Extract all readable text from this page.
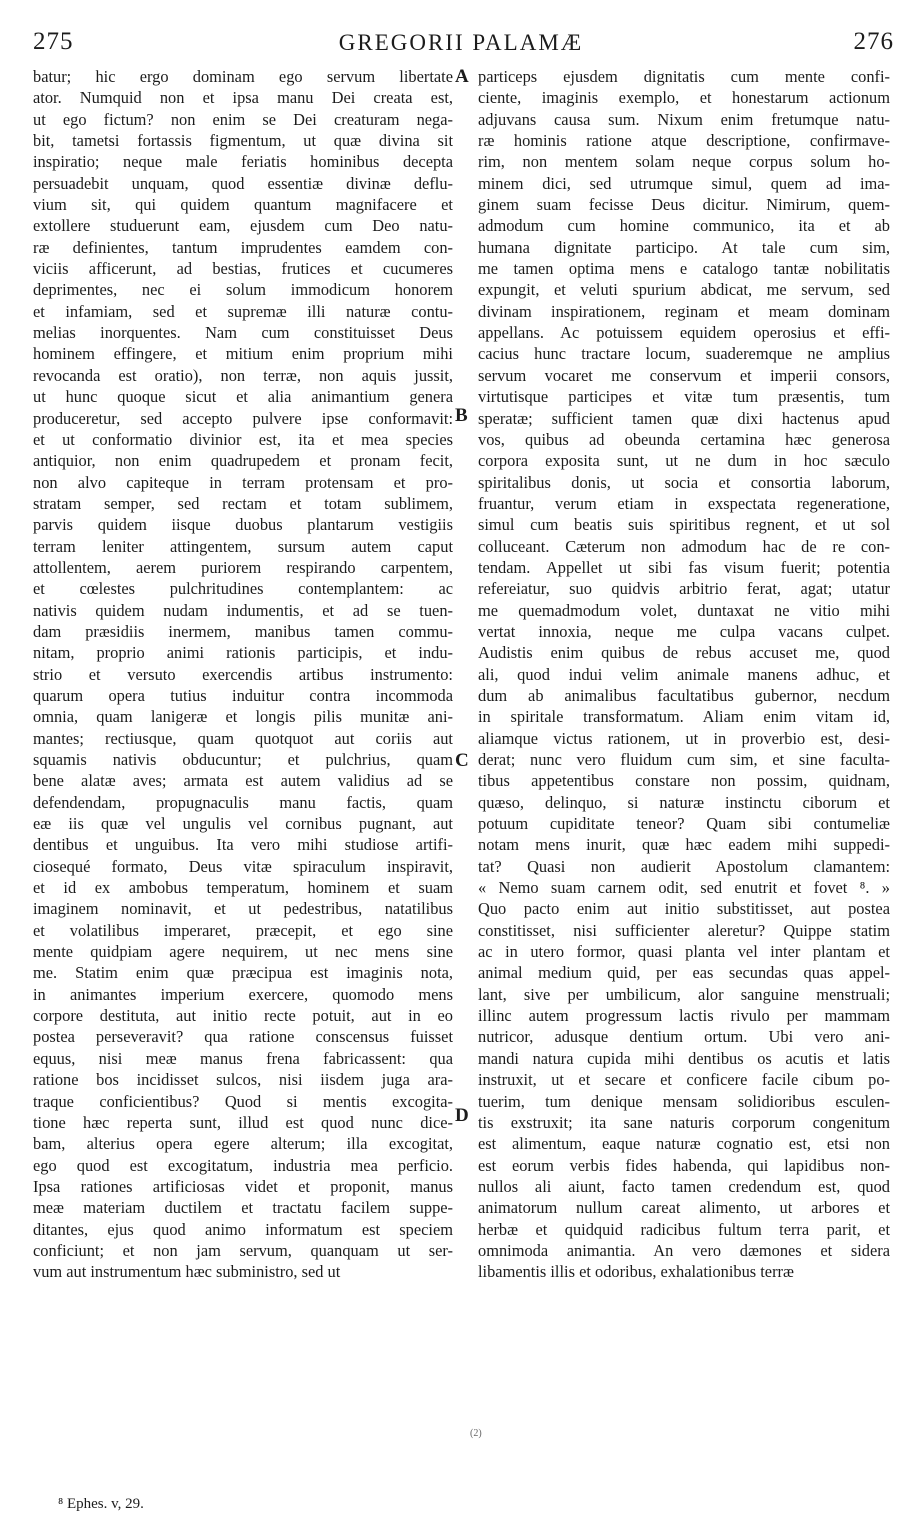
275	GREGORII PALAMÆ	276
batur; hic ergo dominam ego servum libertate
ator. Numquid non et ipsa manu Dei creata est,
ut ego fictum? non enim se Dei creaturam nega-
bit, tametsi fortassis figmentum, ut quæ divina sit
inspiratio; neque male feriatis hominibus decepta
persuadebit unquam, quod essentiæ divinæ deflu-
vium sit, qui quidem quantum magnifacere et
extollere studuerunt eam, ejusdem cum Deo natu-
ræ definientes, tantum imprudentes eamdem con-
viciis afficerunt, ad bestias, frutices et cucumeres
deprimentes, nec ei solum immodicum honorem
et infamiam, sed et supremæ illi naturæ contu-
melias inorquentes. Nam cum constituisset Deus
hominem effingere, et mitium enim proprium mihi
revocanda est oratio), non terræ, non aquis jussit,
ut hunc quoque sicut et alia animantium genera
produceretur, sed accepto pulvere ipse conformavit:
et ut conformatio divinior est, ita et mea species
antiquior, non enim quadrupedem et pronam fecit,
non alvo capiteque in terram protensam et pro-
stratam semper, sed rectam et totam sublimem,
parvis quidem iisque duobus plantarum vestigiis
terram leniter attingentem, sursum autem caput
attollentem, aerem puriorem respirando carpentem,
et cœlestes pulchritudines contemplantem: ac
nativis quidem nudam indumentis, et ad se tuen-
dam præsidiis inermem, manibus tamen commu-
nitam, proprio animi rationis participis, et indu-
strio et versuto exercendis artibus instrumento:
quarum opera tutius induitur contra incommoda
omnia, quam lanigeræ et longis pilis munitæ ani-
mantes; rectiusque, quam quotquot aut coriis aut
squamis nativis obducuntur; et pulchrius, quam
bene alatæ aves; armata est autem validius ad se
defendendam, propugnaculis manu factis, quam
eæ iis quæ vel ungulis vel cornibus pugnant, aut
dentibus et unguibus. Ita vero mihi studiose artifi-
ciosequé formato, Deus vitæ spiraculum inspiravit,
et id ex ambobus temperatum, hominem et suam
imaginem nominavit, et ut pedestribus, natatilibus
et volatilibus imperaret, præcepit, et ego sine
mente quidpiam agere nequirem, ut nec mens sine
me. Statim enim quæ præcipua est imaginis nota,
in animantes imperium exercere, quomodo mens
corpore destituta, aut initio recte potuit, aut in eo
postea perseveravit? qua ratione conscensus fuisset
equus, nisi meæ manus frena fabricassent: qua
ratione bos incidisset sulcos, nisi iisdem juga ara-
traque conficientibus? Quod si mentis excogita-
tione hæc reperta sunt, illud est quod nunc dice-
bam, alterius opera egere alterum; illa excogitat,
ego quod est excogitatum, industria mea perficio.
Ipsa rationes artificiosas videt et proponit, manus
meæ materiam ductilem et tractatu facilem suppe-
ditantes, ejus quod animo informatum est speciem
conficiunt; et non jam servum, quanquam ut ser-
vum aut instrumentum hæc subministro, sed ut
particeps ejusdem dignitatis cum mente confi-
ciente, imaginis exemplo, et honestarum actionum
adjuvans causa sum. Nixum enim fretumque natu-
ræ hominis ratione atque descriptione, confirmave-
rim, non mentem solam neque corpus solum ho-
minem dici, sed utrumque simul, quem ad ima-
ginem suam fecisse Deus dicitur. Nimirum, quem-
admodum cum homine communico, ita et ab
humana dignitate participo. At tale cum sim,
me tamen optima mens e catalogo tantæ nobilitatis
expungit, et veluti spurium abdicat, me servum, sed
divinam inspirationem, reginam et meam dominam
appellans. Ac potuissem equidem operosius et effi-
cacius hunc tractare locum, suaderemque ne amplius
servum vocaret me conservum et imperii consors,
virtutisque participes et vitæ tum præsentis, tum
speratæ; sufficient tamen quæ dixi hactenus apud
vos, quibus ad obeunda certamina hæc generosa
corpora exposita sunt, ut ne dum in hoc sæculo
spiritalibus donis, ut socia et consortia laborum,
fruantur, verum etiam in exspectata regeneratione,
simul cum beatis suis spiritibus regnent, et ut sol
colluceant. Cæterum non admodum hac de re con-
tendam. Appellet ut sibi fas visum fuerit; potentia
refereiatur, suo quidvis arbitrio ferat, agat; utatur
me quemadmodum volet, duntaxat ne vitio mihi
vertat innoxia, neque me culpa vacans culpet.
Audistis enim quibus de rebus accuset me, quod
ali, quod indui velim animale manens adhuc, et
dum ab animalibus facultatibus gubernor, necdum
in spiritale transformatum. Aliam enim vitam id,
aliamque victus rationem, ut in proverbio est, desi-
derat; nunc vero fluidum cum sim, et sine faculta-
tibus appetentibus constare non possim, quidnam,
quæso, delinquo, si naturæ instinctu ciborum et
potuum cupiditate teneor? Quam sibi contumeliæ
notam mens inurit, quæ hæc eadem mihi suppedi-
tat? Quasi non audierit Apostolum clamantem:
« Nemo suam carnem odit, sed enutrit et fovet ⁸. »
Quo pacto enim aut initio substitisset, aut postea
constitisset, nisi sufficienter aleretur? Quippe statim
ac in utero formor, quasi planta vel inter plantam et
animal medium quid, per eas secundas quas appel-
lant, sive per umbilicum, alor sanguine menstruali;
illinc autem progressum lactis rivulo per mammam
nutricor, adusque dentium ortum. Ubi vero ani-
mandi natura cupida mihi dentibus os acutis et latis
instruxit, ut et secare et conficere facile cibum po-
tuerim, tum denique mensam solidioribus esculen-
tis exstruxit; ita sane naturis corporum congenitum
est alimentum, eaque naturæ cognatio est, etsi non
est eorum verbis fides habenda, qui lapidibus non-
nullos ali aiunt, facto tamen credendum est, quod
animatorum nullum careat alimento, ut arbores et
herbæ et quidquid radicibus fultum terra parit, et
omnimoda animantia. An vero dæmones et sidera
libamentis illis et odoribus, exhalationibus terræ
A
B
C
D
(2)
⁸ Ephes. v, 29.
